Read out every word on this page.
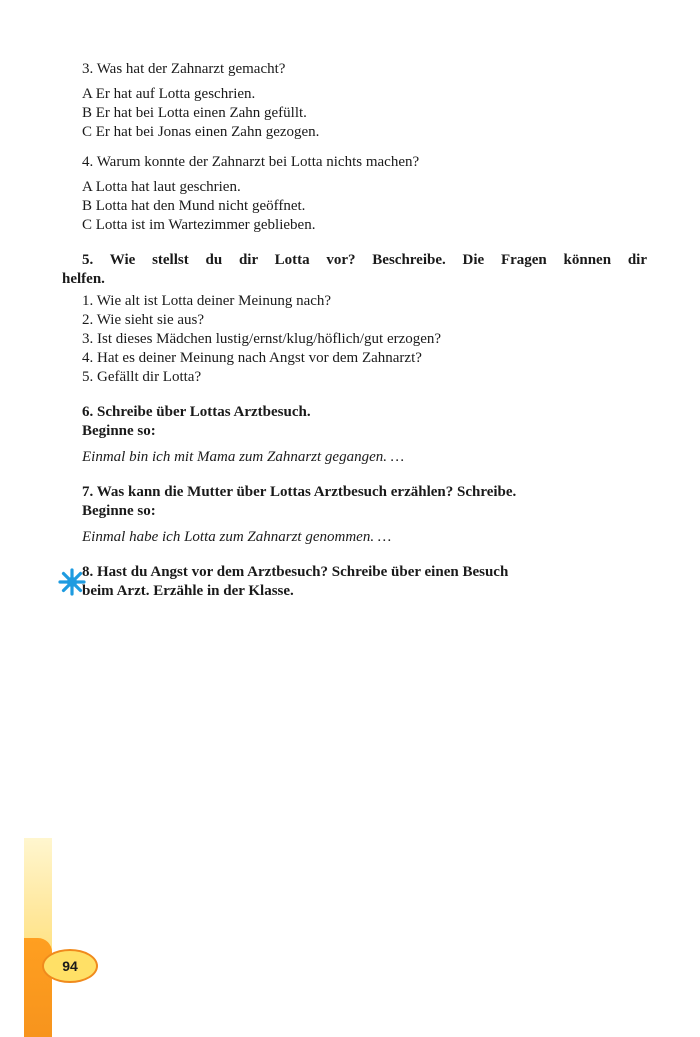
3. Was hat der Zahnarzt gemacht?
A Er hat auf Lotta geschrien.
B Er hat bei Lotta einen Zahn gefüllt.
C Er hat bei Jonas einen Zahn gezogen.
4. Warum konnte der Zahnarzt bei Lotta nichts machen?
A Lotta hat laut geschrien.
B Lotta hat den Mund nicht geöffnet.
C Lotta ist im Wartezimmer geblieben.
5. Wie stellst du dir Lotta vor? Beschreibe. Die Fragen können dir
helfen.
1. Wie alt ist Lotta deiner Meinung nach?
2. Wie sieht sie aus?
3. Ist dieses Mädchen lustig/ernst/klug/höflich/gut erzogen?
4. Hat es deiner Meinung nach Angst vor dem Zahnarzt?
5. Gefällt dir Lotta?
6. Schreibe über Lottas Arztbesuch.
Beginne so:
Einmal bin ich mit Mama zum Zahnarzt gegangen. …
7. Was kann die Mutter über Lottas Arztbesuch erzählen? Schreibe.
Beginne so:
Einmal habe ich Lotta zum Zahnarzt genommen. …
8. Hast du Angst vor dem Arztbesuch? Schreibe über einen Besuch
beim Arzt. Erzähle in der Klasse.
94
